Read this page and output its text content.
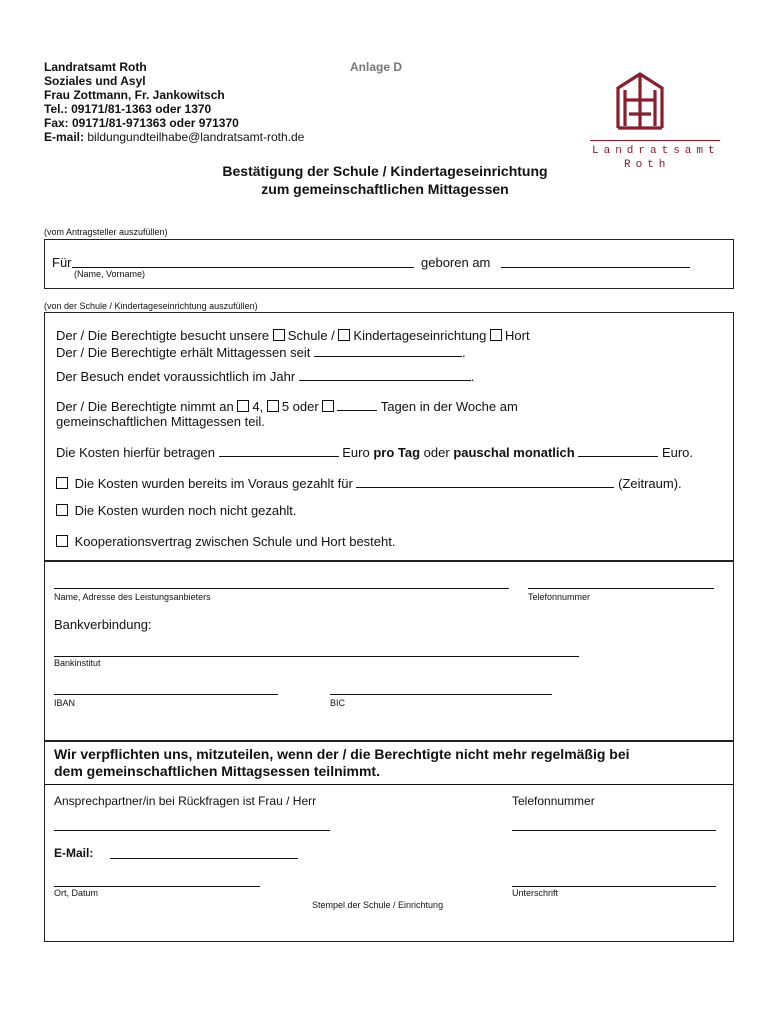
Landratsamt Roth
Soziales und Asyl
Frau Zottmann, Fr. Jankowitsch
Tel.: 09171/81-1363 oder 1370
Fax: 09171/81-971363 oder 971370
E-mail: bildungundteilhabe@landratsamt-roth.de
Anlage D
Landratsamt
Roth
Bestätigung der Schule / Kindertageseinrichtung
zum gemeinschaftlichen Mittagessen
(vom Antragsteller auszufüllen)
Für
(Name, Vorname)
geboren am
(von der Schule / Kindertageseinrichtung auszufüllen)
Der / Die Berechtigte besucht unsere Schule / Kindertageseinrichtung Hort
Der / Die Berechtigte erhält Mittagessen seit	.
Der Besuch endet voraussichtlich im Jahr	.
Der / Die Berechtigte nimmt an 4, 5 oder	Tagen in der Woche am
gemeinschaftlichen Mittagessen teil.
Die Kosten hierfür betragen	Euro pro Tag oder pauschal monatlich	Euro.
Die Kosten wurden bereits im Voraus gezahlt für	(Zeitraum).
Die Kosten wurden noch nicht gezahlt.
Kooperationsvertrag zwischen Schule und Hort besteht.
Name, Adresse des Leistungsanbieters	Telefonnummer
Bankverbindung:
Bankinstitut
IBAN	BIC
Wir verpflichten uns, mitzuteilen, wenn der / die Berechtigte nicht mehr regelmäßig bei
dem gemeinschaftlichen Mittagsessen teilnimmt.
Ansprechpartner/in bei Rückfragen ist Frau / Herr	Telefonnummer
E-Mail:
Ort, Datum	Unterschrift
Stempel der Schule / Einrichtung
